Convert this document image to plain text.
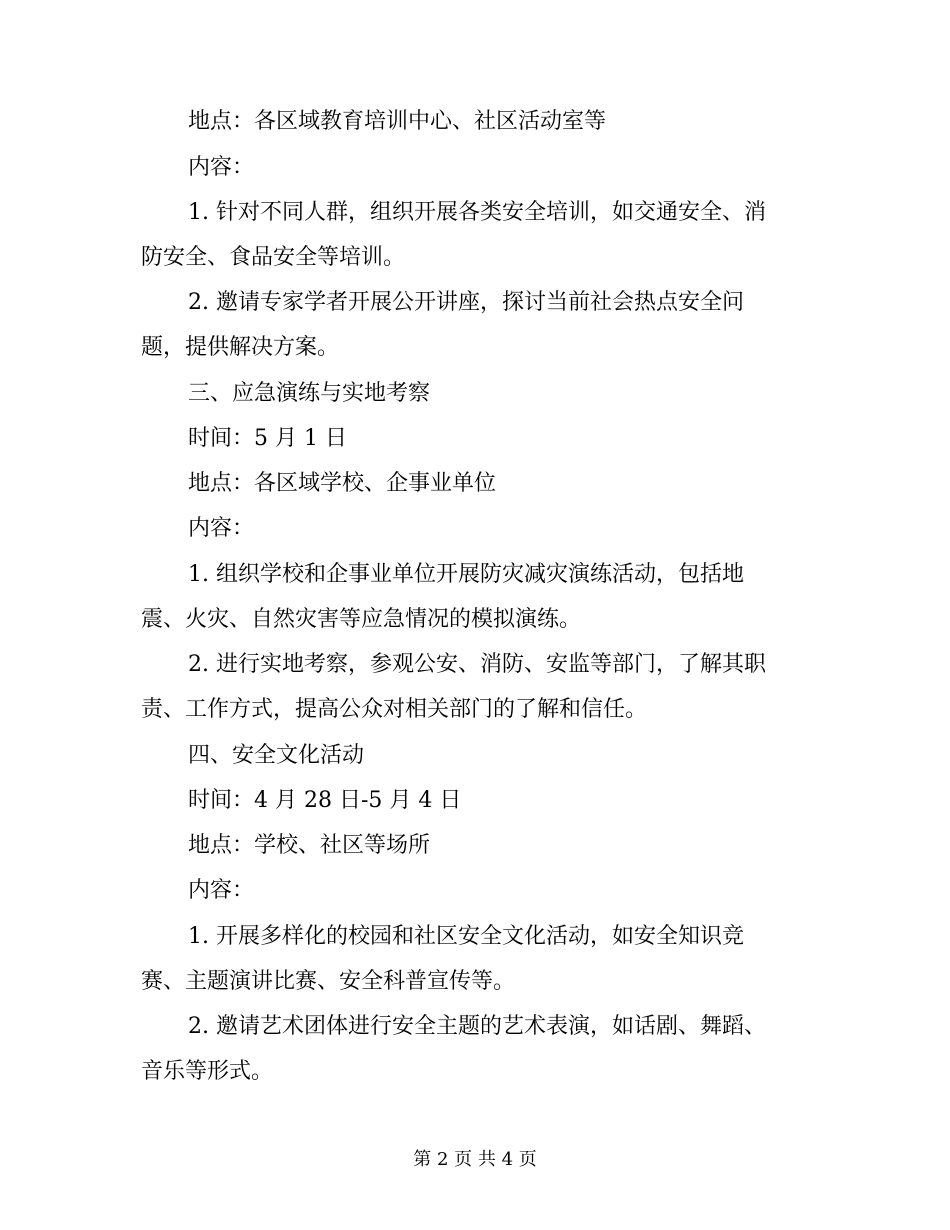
地点：各区域教育培训中心、社区活动室等
内容：
1. 针对不同人群，组织开展各类安全培训，如交通安全、消
防安全、食品安全等培训。
2. 邀请专家学者开展公开讲座，探讨当前社会热点安全问
题，提供解决方案。
三、应急演练与实地考察
时间：5 月 1 日
地点：各区域学校、企事业单位
内容：
1. 组织学校和企事业单位开展防灾减灾演练活动，包括地
震、火灾、自然灾害等应急情况的模拟演练。
2. 进行实地考察，参观公安、消防、安监等部门，了解其职
责、工作方式，提高公众对相关部门的了解和信任。
四、安全文化活动
时间：4 月 28 日-5 月 4 日
地点：学校、社区等场所
内容：
1. 开展多样化的校园和社区安全文化活动，如安全知识竞
赛、主题演讲比赛、安全科普宣传等。
2. 邀请艺术团体进行安全主题的艺术表演，如话剧、舞蹈、
音乐等形式。
第 2 页 共 4 页
